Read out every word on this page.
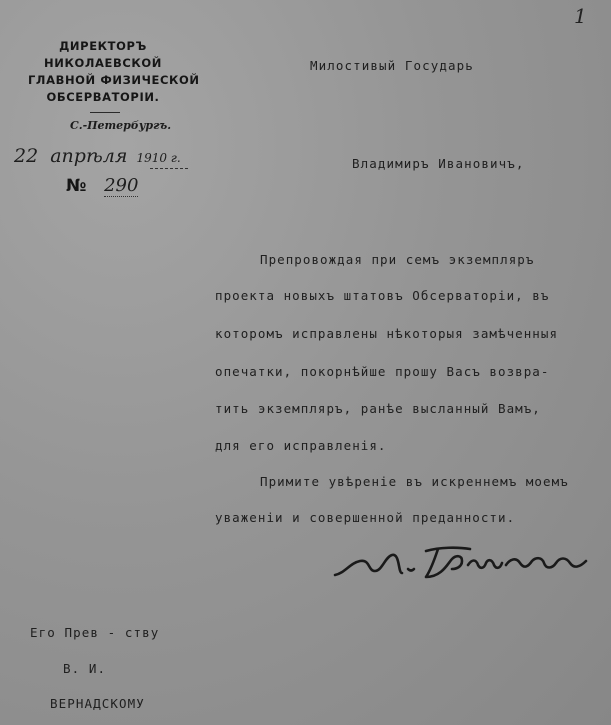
1
ДИРЕКТОРЪ
НИКОЛАЕВСКОЙ
ГЛАВНОЙ ФИЗИЧЕСКОЙ
ОБСЕРВАТОРІИ.
С.-Петербургъ.
22 апрѣля 1910 г.
№ 290
Милостивый Государь
Владимиръ Ивановичъ,
Препровождая при семъ экземпляръ
проекта новыхъ штатовъ Обсерваторіи, въ
которомъ исправлены нѣкоторыя замѣченныя
опечатки, покорнѣйше прошу Васъ возвра-
тить экземпляръ, ранѣе высланный Вамъ,
для его исправленія.
Примите увѣреніе въ искреннемъ моемъ
уваженіи и совершенной преданности.
Его Прев - ству
В. И.
ВЕРНАДСКОМУ
